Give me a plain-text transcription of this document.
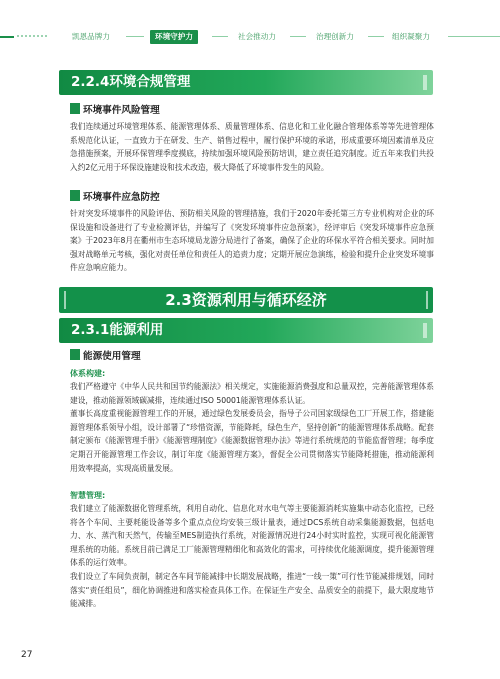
凯恩品牌力	环境守护力	社会推动力	治理创新力	组织凝聚力
2.2.4环境合规管理
环境事件风险管理

我们连续通过环境管理体系、能源管理体系、质量管理体系、信息化和工业化融合管理体系等等先进管理体系规范化认证，一直致力于在研发、生产、销售过程中，履行保护环境的承诺，形成重要环境因素清单及应急措施预案，开展环保管理季度摸底，持续加强环境风险预防培训，建立责任追究制度。近五年来我们共投入约2亿元用于环保设施建设和技术改造，极大降低了环境事件发生的风险。

环境事件应急防控

针对突发环境事件的风险评估、预防相关风险的管理措施，我们于2020年委托第三方专业机构对企业的环保设施和设备进行了专业检测评估，并编写了《突发环境事件应急预案》，经评审后《突发环境事件应急预案》于2023年8月在衢州市生态环境局龙游分局进行了备案，确保了企业的环保水平符合相关要求。同时加强对战略单元考核，强化对责任单位和责任人的追责力度；定期开展应急演练，检验和提升企业突发环境事件应急响应能力。

2.3资源利用与循环经济
2.3.1能源利用
能源使用管理
体系构建:

我们严格遵守《中华人民共和国节约能源法》相关规定，实施能源消费强度和总量双控，完善能源管理体系建设，推动能源领域碳减排，连续通过ISO 50001能源管理体系认证。

董事长高度重视能源管理工作的开展，通过绿色发展委员会，指导子公司国家级绿色工厂开展工作，搭建能源管理体系领导小组，设计部署了“珍惜资源，节能降耗，绿色生产，坚持创新”的能源管理体系战略。配套制定颁布《能源管理手册》《能源管理制度》《能源数据管理办法》等进行系统规范的节能监督管理；每季度定期召开能源管理工作会议，制订年度《能源管理方案》，督促全公司贯彻落实节能降耗措施，推动能源利用效率提高，实现高质量发展。

智慧管理:

我们建立了能源数据化管理系统，利用自动化、信息化对水电气等主要能源消耗实施集中动态化监控，已经将各个车间、主要耗能设备等多个重点点位均安装三级计量表，通过DCS系统自动采集能源数据，包括电力、水、蒸汽和天然气，传输至MES制造执行系统，对能源情况进行24小时实时监控，实现可视化能源管理系统的功能。系统目前已满足工厂能源管理精细化和高效化的需求，可持续优化能源调度，提升能源管理体系的运行效率。

我们设立了车间负责制，制定各车间节能减排中长期发展战略，推进“一线一策”可行性节能减排规划，同时落实“责任组员”，细化协调推进和落实检查具体工作。在保证生产安全、品质安全的前提下，最大限度地节能减排。

27
